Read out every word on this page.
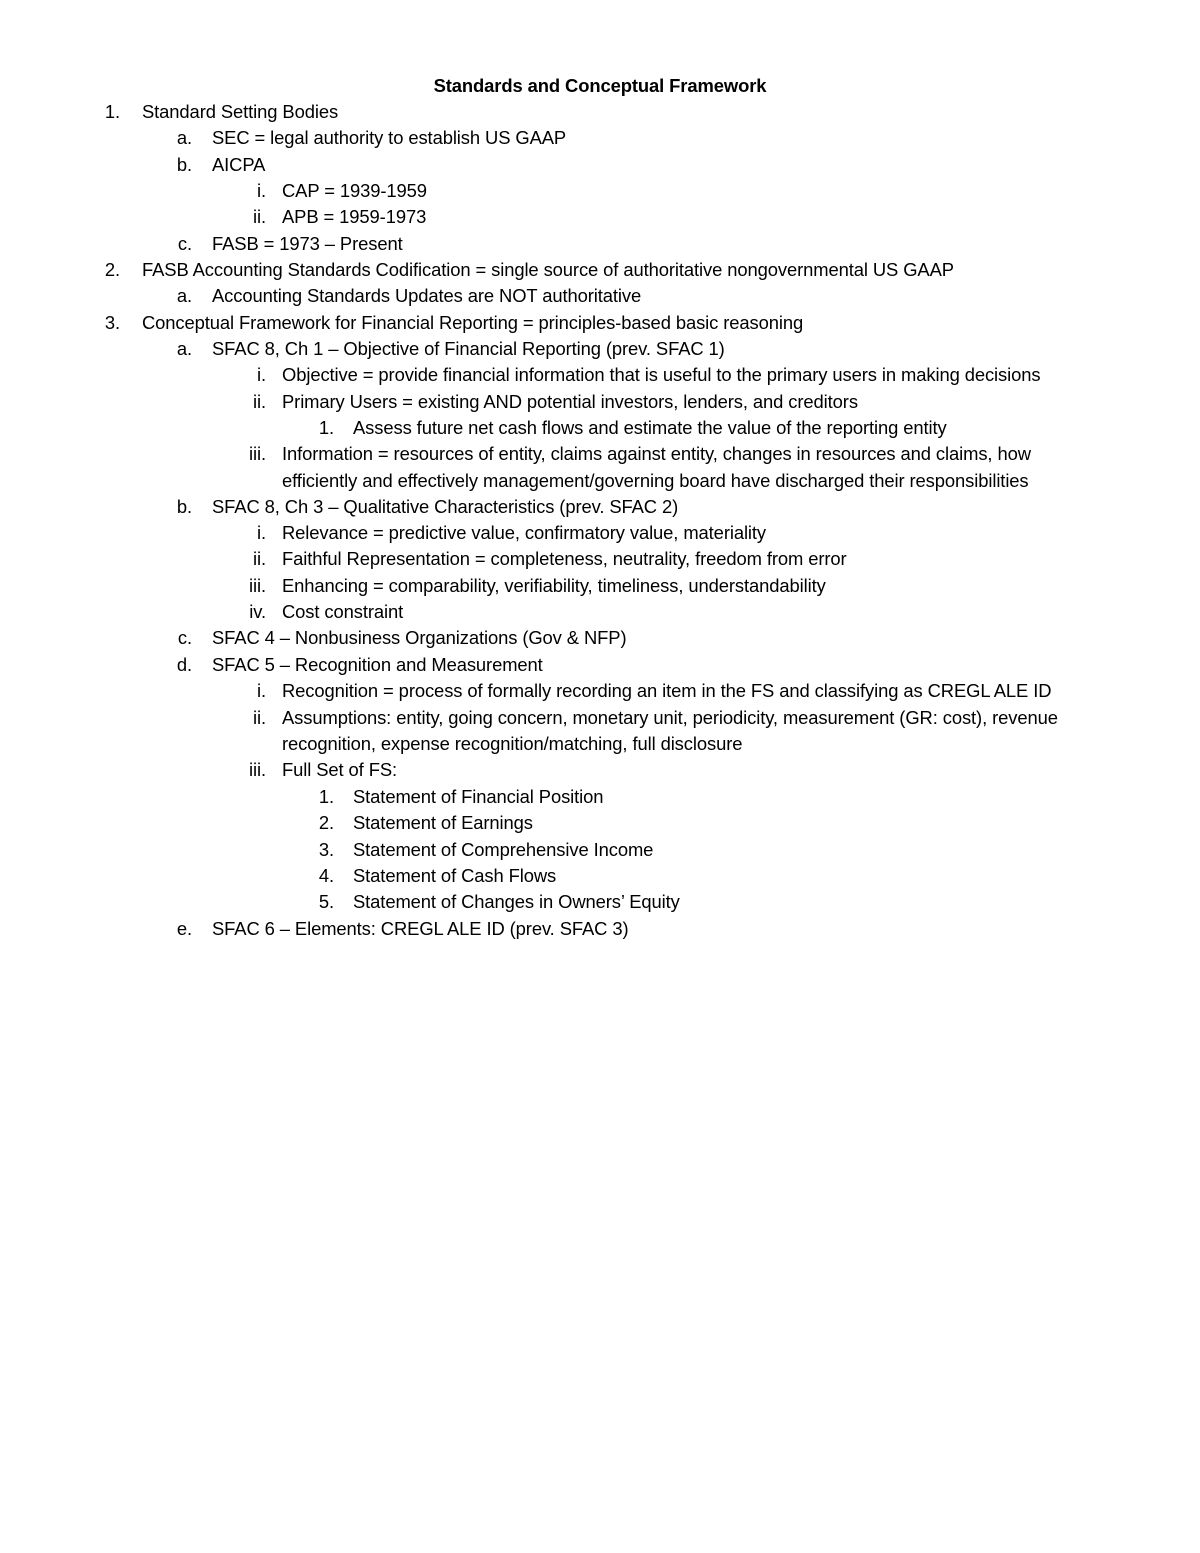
Standards and Conceptual Framework
1. Standard Setting Bodies
a. SEC = legal authority to establish US GAAP
b. AICPA
i. CAP = 1939-1959
ii. APB = 1959-1973
c. FASB = 1973 – Present
2. FASB Accounting Standards Codification = single source of authoritative nongovernmental US GAAP
a. Accounting Standards Updates are NOT authoritative
3. Conceptual Framework for Financial Reporting = principles-based basic reasoning
a. SFAC 8, Ch 1 – Objective of Financial Reporting (prev. SFAC 1)
i. Objective = provide financial information that is useful to the primary users in making decisions
ii. Primary Users = existing AND potential investors, lenders, and creditors
1. Assess future net cash flows and estimate the value of the reporting entity
iii. Information = resources of entity, claims against entity, changes in resources and claims, how
efficiently and effectively management/governing board have discharged their responsibilities
b. SFAC 8, Ch 3 – Qualitative Characteristics (prev. SFAC 2)
i. Relevance = predictive value, confirmatory value, materiality
ii. Faithful Representation = completeness, neutrality, freedom from error
iii. Enhancing = comparability, verifiability, timeliness, understandability
iv. Cost constraint
c. SFAC 4 – Nonbusiness Organizations (Gov & NFP)
d. SFAC 5 – Recognition and Measurement
i. Recognition = process of formally recording an item in the FS and classifying as CREGL ALE ID
ii. Assumptions: entity, going concern, monetary unit, periodicity, measurement (GR: cost), revenue
recognition, expense recognition/matching, full disclosure
iii. Full Set of FS:
1. Statement of Financial Position
2. Statement of Earnings
3. Statement of Comprehensive Income
4. Statement of Cash Flows
5. Statement of Changes in Owners’ Equity
e. SFAC 6 – Elements: CREGL ALE ID (prev. SFAC 3)
